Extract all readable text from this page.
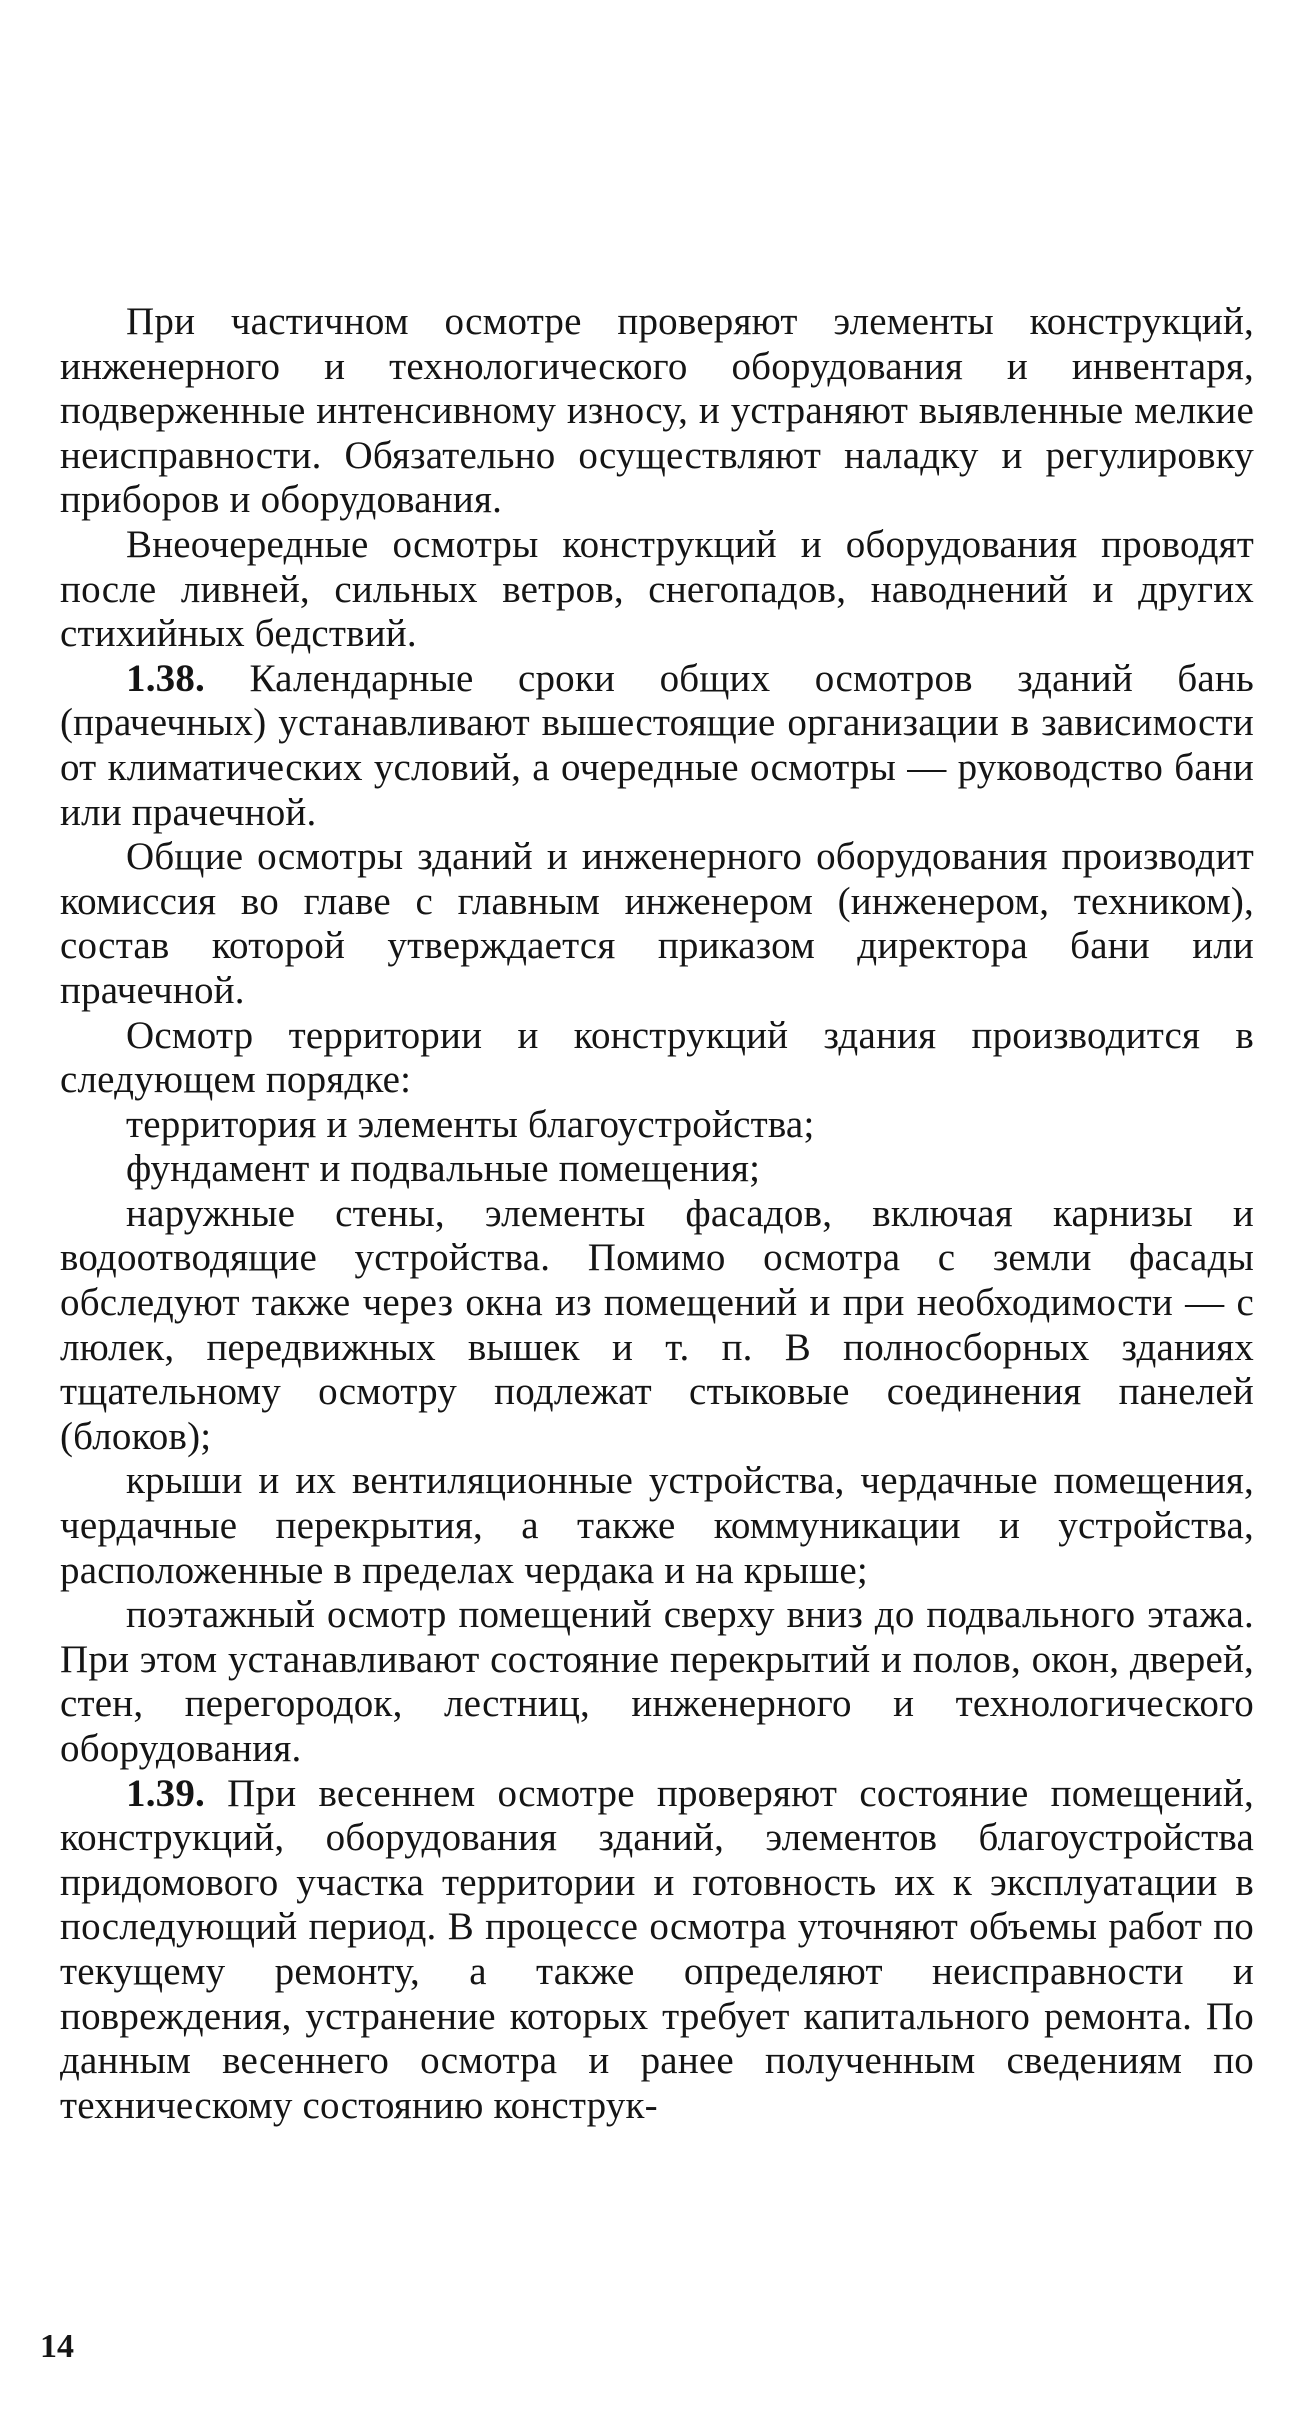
При частичном осмотре проверяют элементы конструкций, инженерного и технологического оборудования и инвентаря, подверженные интенсивному износу, и устраняют выявленные мелкие неисправности. Обязательно осуществляют наладку и регулировку приборов и оборудования.

Внеочередные осмотры конструкций и оборудования проводят после ливней, сильных ветров, снегопадов, наводнений и других стихийных бедствий.

1.38. Календарные сроки общих осмотров зданий бань (прачечных) устанавливают вышестоящие организации в зависимости от климатических условий, а очередные осмотры — руководство бани или прачечной.

Общие осмотры зданий и инженерного оборудования производит комиссия во главе с главным инженером (инженером, техником), состав которой утверждается приказом директора бани или прачечной.

Осмотр территории и конструкций здания производится в следующем порядке:

территория и элементы благоустройства;

фундамент и подвальные помещения;

наружные стены, элементы фасадов, включая карнизы и водоотводящие устройства. Помимо осмотра с земли фасады обследуют также через окна из помещений и при необходимости — с люлек, передвижных вышек и т. п. В полносборных зданиях тщательному осмотру подлежат стыковые соединения панелей (блоков);

крыши и их вентиляционные устройства, чердачные помещения, чердачные перекрытия, а также коммуникации и устройства, расположенные в пределах чердака и на крыше;

поэтажный осмотр помещений сверху вниз до подвального этажа. При этом устанавливают состояние перекрытий и полов, окон, дверей, стен, перегородок, лестниц, инженерного и технологического оборудования.

1.39. При весеннем осмотре проверяют состояние помещений, конструкций, оборудования зданий, элементов благоустройства придомового участка территории и готовность их к эксплуатации в последующий период. В процессе осмотра уточняют объемы работ по текущему ремонту, а также определяют неисправности и повреждения, устранение которых требует капитального ремонта. По данным весеннего осмотра и ранее полученным сведениям по техническому состоянию конструк-

14
